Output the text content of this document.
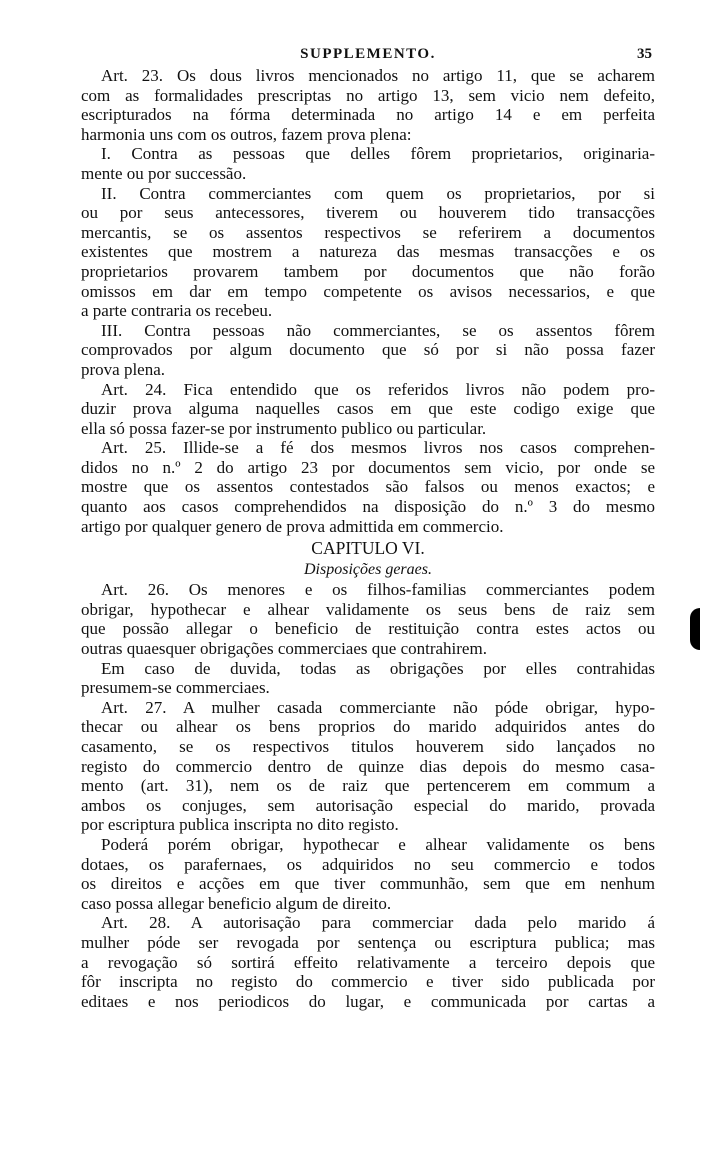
SUPPLEMENTO.	35
Art. 23. Os dous livros mencionados no artigo 11, que se acharem
com as formalidades prescriptas no artigo 13, sem vicio nem defeito,
escripturados na fórma determinada no artigo 14 e em perfeita
harmonia uns com os outros, fazem prova plena:
I. Contra as pessoas que delles fôrem proprietarios, originaria-
mente ou por successão.
II. Contra commerciantes com quem os proprietarios, por si
ou por seus antecessores, tiverem ou houverem tido transacções
mercantis, se os assentos respectivos se referirem a documentos
existentes que mostrem a natureza das mesmas transacções e os
proprietarios provarem tambem por documentos que não forão
omissos em dar em tempo competente os avisos necessarios, e que
a parte contraria os recebeu.
III. Contra pessoas não commerciantes, se os assentos fôrem
comprovados por algum documento que só por si não possa fazer
prova plena.
Art. 24. Fica entendido que os referidos livros não podem pro-
duzir prova alguma naquelles casos em que este codigo exige que
ella só possa fazer-se por instrumento publico ou particular.
Art. 25. Illide-se a fé dos mesmos livros nos casos comprehen-
didos no n.º 2 do artigo 23 por documentos sem vicio, por onde se
mostre que os assentos contestados são falsos ou menos exactos; e
quanto aos casos comprehendidos na disposição do n.º 3 do mesmo
artigo por qualquer genero de prova admittida em commercio.
CAPITULO VI.
Disposições geraes.
Art. 26. Os menores e os filhos-familias commerciantes podem
obrigar, hypothecar e alhear validamente os seus bens de raiz sem
que possão allegar o beneficio de restituição contra estes actos ou
outras quaesquer obrigações commerciaes que contrahirem.
Em caso de duvida, todas as obrigações por elles contrahidas
presumem-se commerciaes.
Art. 27. A mulher casada commerciante não póde obrigar, hypo-
thecar ou alhear os bens proprios do marido adquiridos antes do
casamento, se os respectivos titulos houverem sido lançados no
registo do commercio dentro de quinze dias depois do mesmo casa-
mento (art. 31), nem os de raiz que pertencerem em commum a
ambos os conjuges, sem autorisação especial do marido, provada
por escriptura publica inscripta no dito registo.
Poderá porém obrigar, hypothecar e alhear validamente os bens
dotaes, os parafernaes, os adquiridos no seu commercio e todos
os direitos e acções em que tiver communhão, sem que em nenhum
caso possa allegar beneficio algum de direito.
Art. 28. A autorisação para commerciar dada pelo marido á
mulher póde ser revogada por sentença ou escriptura publica; mas
a revogação só sortirá effeito relativamente a terceiro depois que
fôr inscripta no registo do commercio e tiver sido publicada por
editaes e nos periodicos do lugar, e communicada por cartas a
